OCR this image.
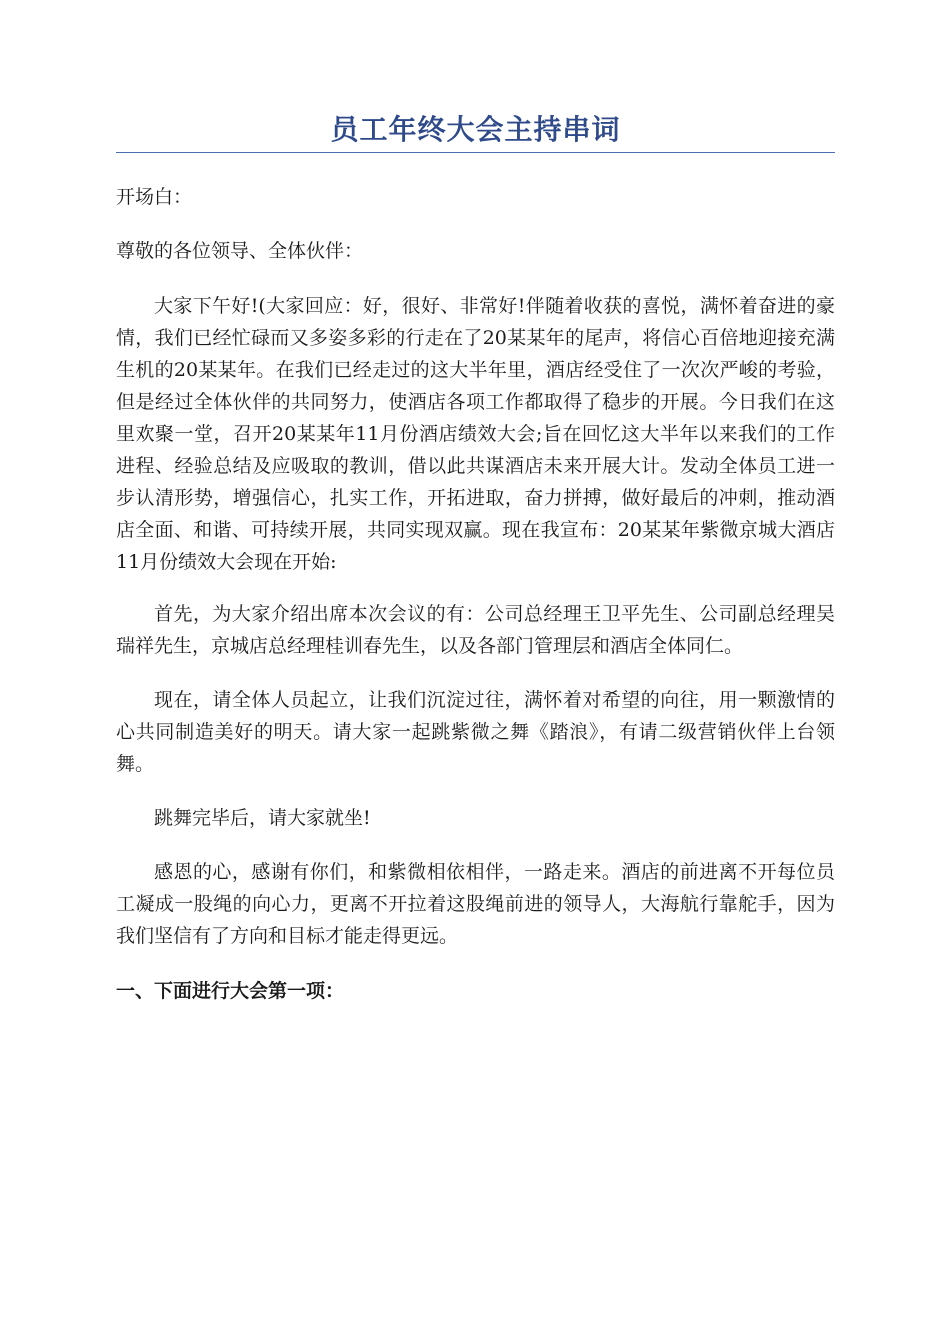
员工年终大会主持串词

开场白：

尊敬的各位领导、全体伙伴：

大家下午好!(大家回应：好，很好、非常好!伴随着收获的喜悦，满怀着奋进的豪情，我们已经忙碌而又多姿多彩的行走在了20某某年的尾声，将信心百倍地迎接充满生机的20某某年。在我们已经走过的这大半年里，酒店经受住了一次次严峻的考验，但是经过全体伙伴的共同努力，使酒店各项工作都取得了稳步的开展。今日我们在这里欢聚一堂，召开20某某年11月份酒店绩效大会;旨在回忆这大半年以来我们的工作进程、经验总结及应吸取的教训，借以此共谋酒店未来开展大计。发动全体员工进一步认清形势，增强信心，扎实工作，开拓进取，奋力拼搏，做好最后的冲刺，推动酒店全面、和谐、可持续开展，共同实现双赢。现在我宣布：20某某年紫微京城大酒店11月份绩效大会现在开始:

首先，为大家介绍出席本次会议的有：公司总经理王卫平先生、公司副总经理吴瑞祥先生，京城店总经理桂训春先生，以及各部门管理层和酒店全体同仁。

现在，请全体人员起立，让我们沉淀过往，满怀着对希望的向往，用一颗激情的心共同制造美好的明天。请大家一起跳紫微之舞《踏浪》，有请二级营销伙伴上台领舞。

跳舞完毕后，请大家就坐!

感恩的心，感谢有你们，和紫微相依相伴，一路走来。酒店的前进离不开每位员工凝成一股绳的向心力，更离不开拉着这股绳前进的领导人，大海航行靠舵手，因为我们坚信有了方向和目标才能走得更远。

一、下面进行大会第一项：
